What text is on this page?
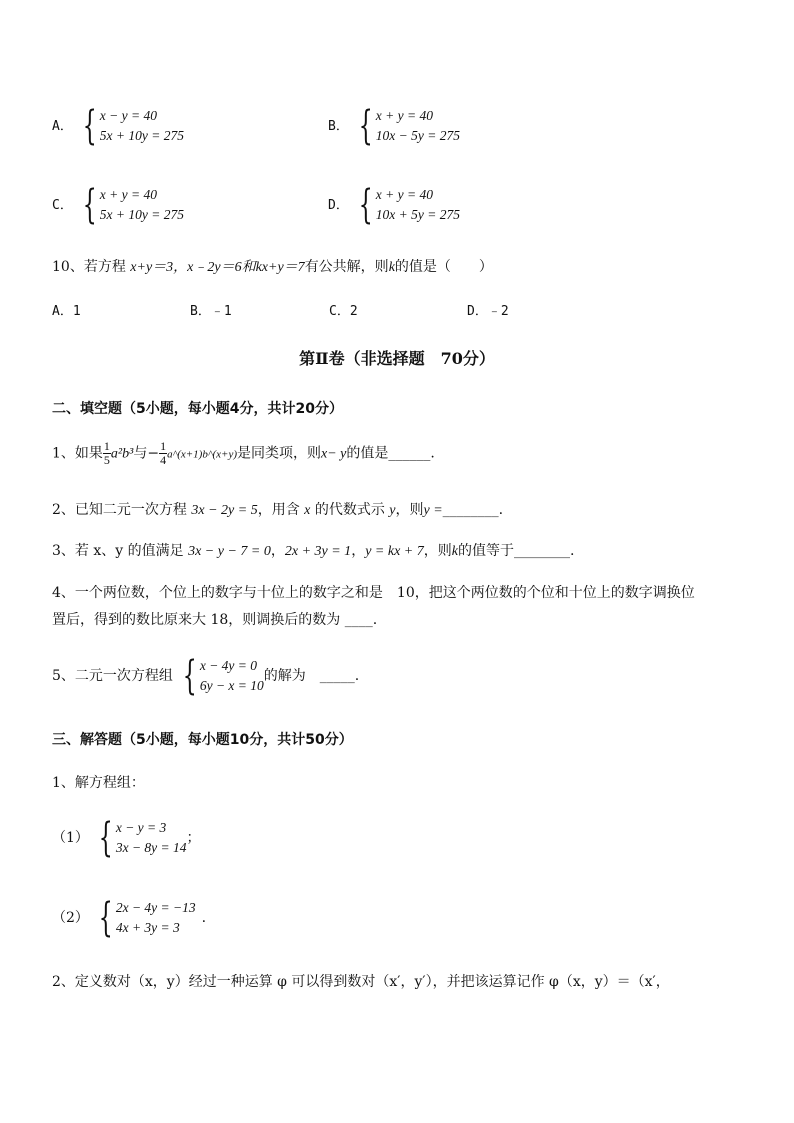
A． { x − y = 40
5x + 10y = 275
B． { x + y = 40
10x − 5y = 275
C． { x + y = 40
5x + 10y = 275
D． { x + y = 40
10x + 5y = 275
10、若方程 x+y＝3，x﹣2y＝6和kx+y＝7有公共解，则k的值是（　　）
A．1	B．﹣1	C．2	D．﹣2
第Ⅱ卷（非选择题　70分）
二、填空题（5小题，每小题4分，共计20分）
1、如果 $\frac{1}{5} a^2b^3$与− $\frac{1}{4}$ a^(x+1)b^(x+y)是同类项，则x− y的值是______.
2、已知二元一次方程 3x − 2y = 5，用含 x 的代数式示 y，则y =________.
3、若 x、y 的值满足 3x − y − 7 = 0，2x + 3y = 1，y = kx + 7，则k的值等于________.
4、一个两位数，个位上的数字与十位上的数字之和是　10，把这个两位数的个位和十位上的数字调换位
置后，得到的数比原来大 18，则调换后的数为 ____.
5、二元一次方程组 { x − 4y = 0
6y − x = 10
的解为　_____.
三、解答题（5小题，每小题10分，共计50分）
1、解方程组：
（1） { x − y = 3
3x − 8y = 14
；
（2） { 2x − 4y = −13
4x + 3y = 3
.
2、定义数对（x，y）经过一种运算 φ 可以得到数对（x′，y′），并把该运算记作 φ（x，y）＝（x′，
